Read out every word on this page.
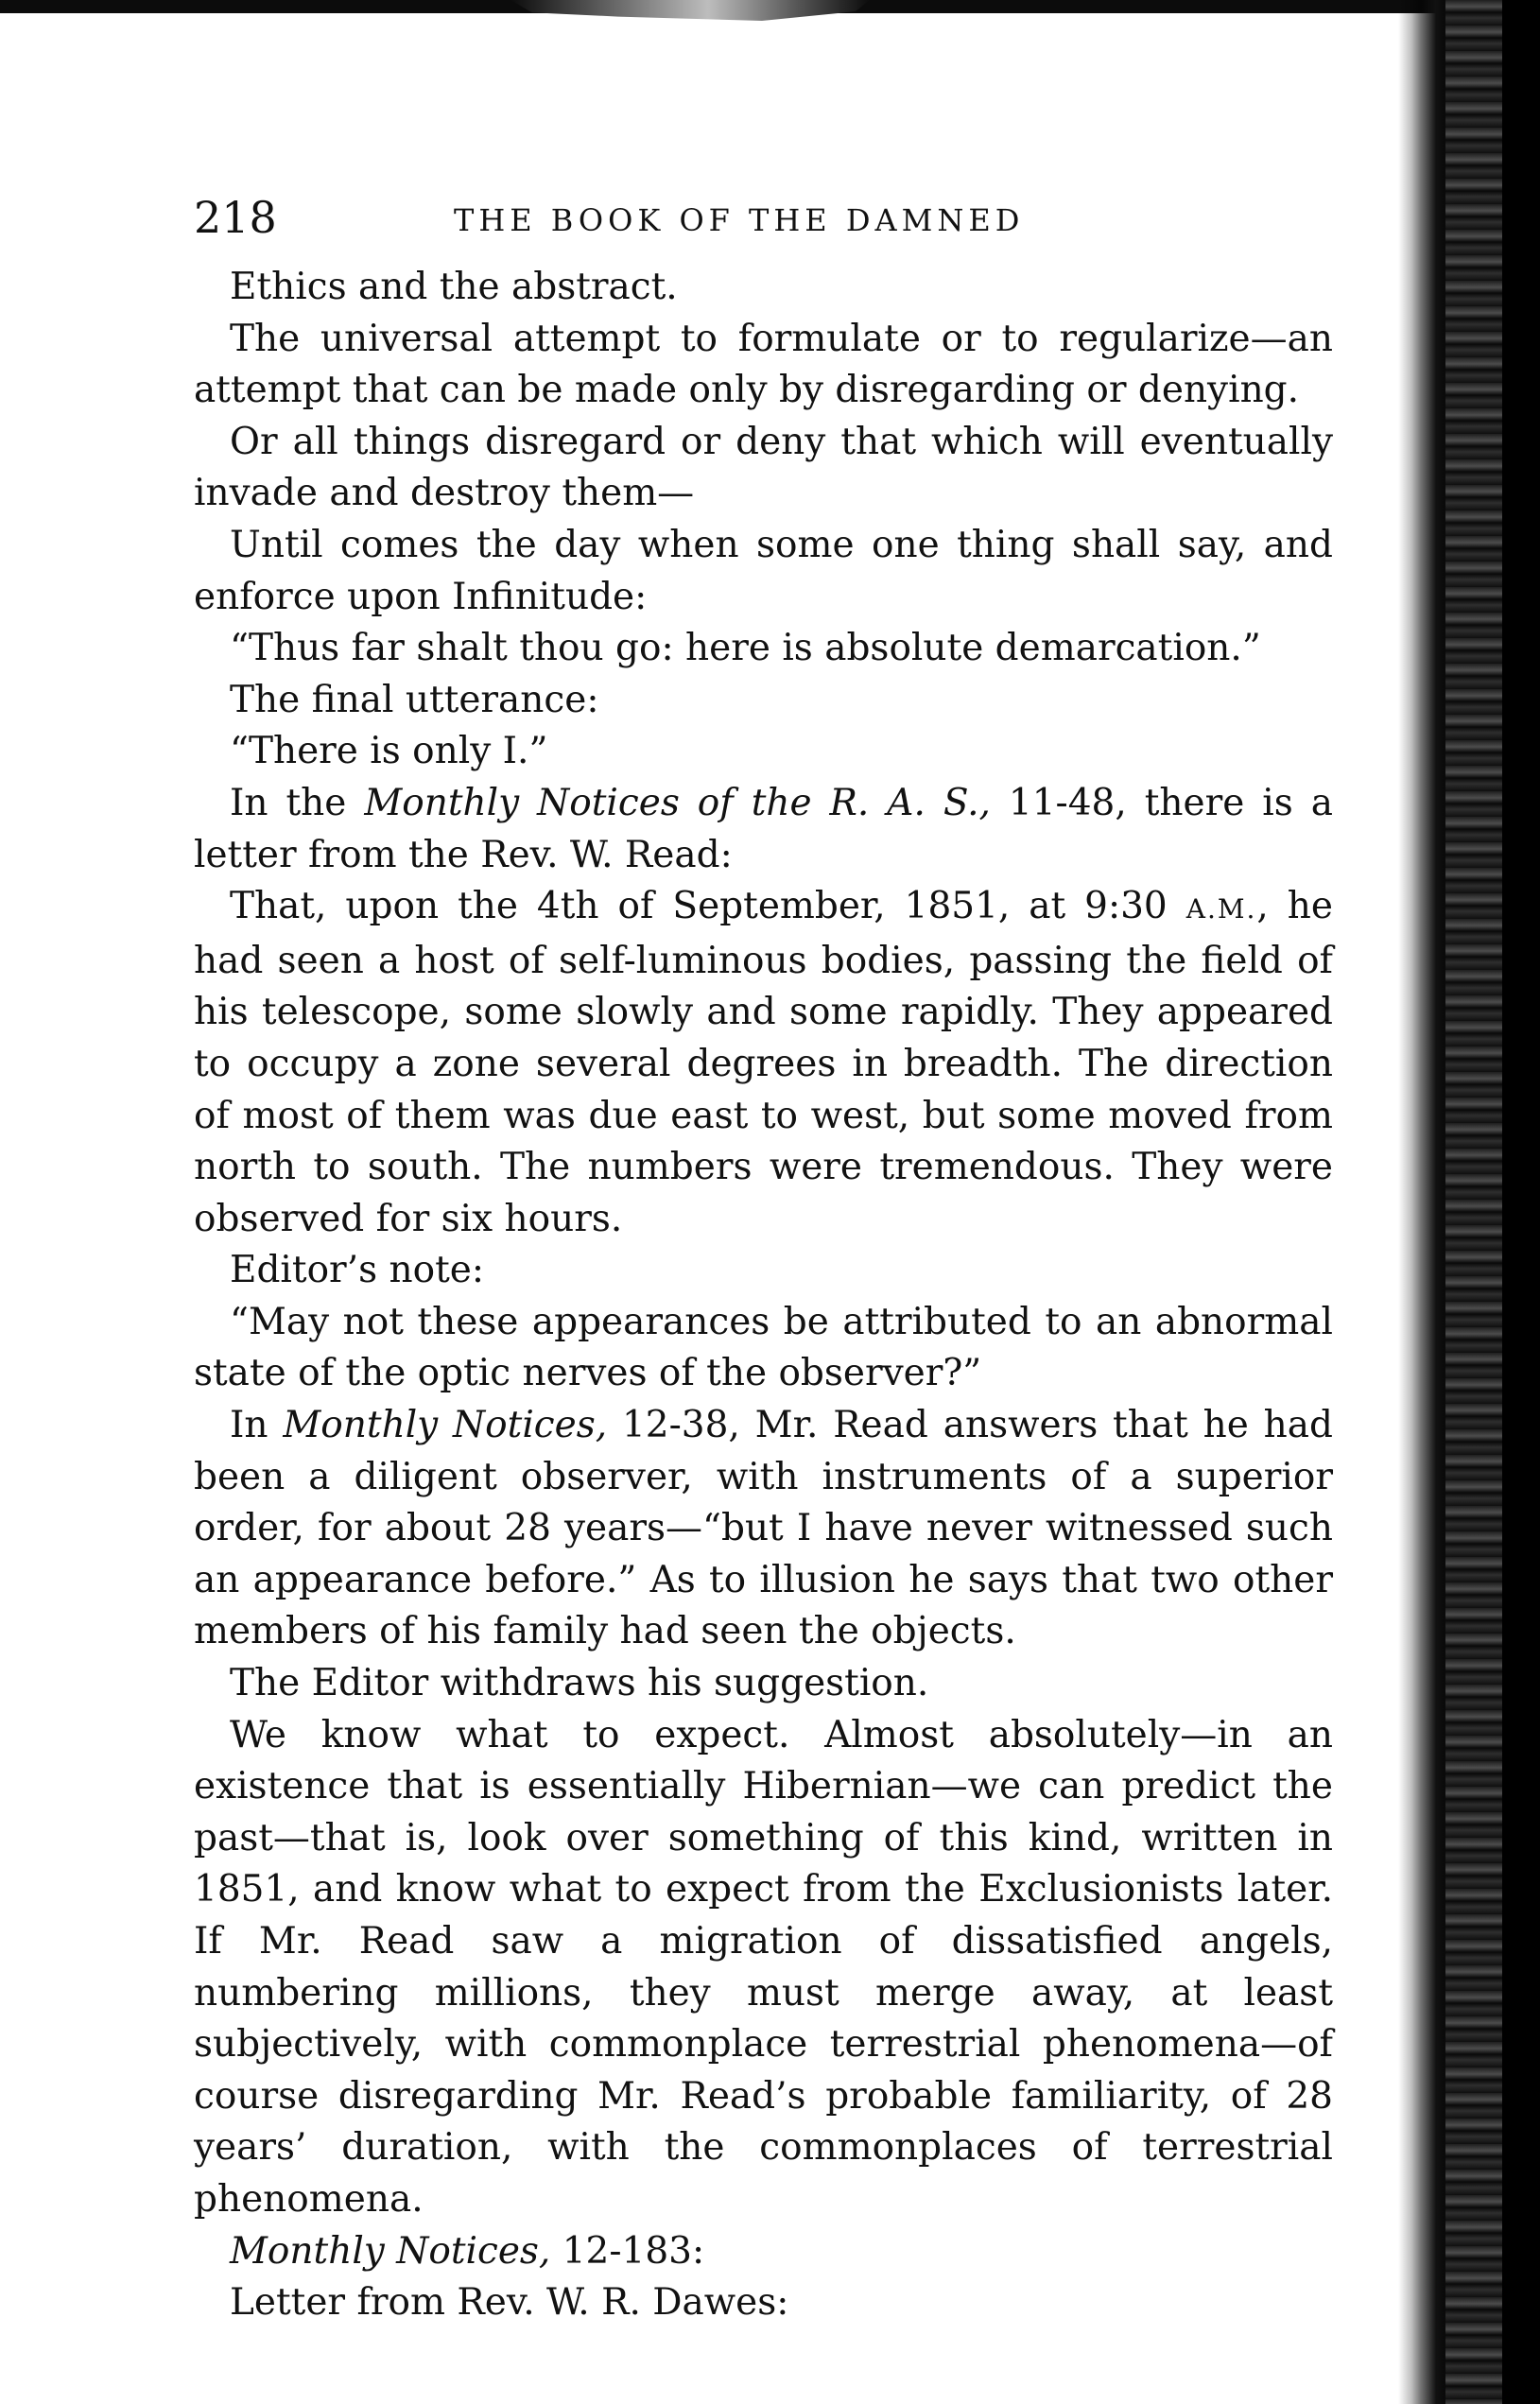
218	THE BOOK OF THE DAMNED

Ethics and the abstract.

The universal attempt to formulate or to regularize—an attempt that can be made only by disregarding or denying.

Or all things disregard or deny that which will eventually invade and destroy them—

Until comes the day when some one thing shall say, and enforce upon Infinitude:

“Thus far shalt thou go: here is absolute demarcation.”

The final utterance:

“There is only I.”

In the Monthly Notices of the R. A. S., 11-48, there is a letter from the Rev. W. Read:

That, upon the 4th of September, 1851, at 9:30 A.M., he had seen a host of self-luminous bodies, passing the field of his telescope, some slowly and some rapidly. They appeared to occupy a zone several degrees in breadth. The direction of most of them was due east to west, but some moved from north to south. The numbers were tremendous. They were observed for six hours.

Editor’s note:

“May not these appearances be attributed to an abnormal state of the optic nerves of the observer?”

In Monthly Notices, 12-38, Mr. Read answers that he had been a diligent observer, with instruments of a superior order, for about 28 years—“but I have never witnessed such an appearance before.” As to illusion he says that two other members of his family had seen the objects.

The Editor withdraws his suggestion.

We know what to expect. Almost absolutely—in an existence that is essentially Hibernian—we can predict the past—that is, look over something of this kind, written in 1851, and know what to expect from the Exclusionists later. If Mr. Read saw a migration of dissatisfied angels, numbering millions, they must merge away, at least subjectively, with commonplace terrestrial phenomena—of course disregarding Mr. Read’s probable familiarity, of 28 years’ duration, with the commonplaces of terrestrial phenomena.

Monthly Notices, 12-183:

Letter from Rev. W. R. Dawes:
